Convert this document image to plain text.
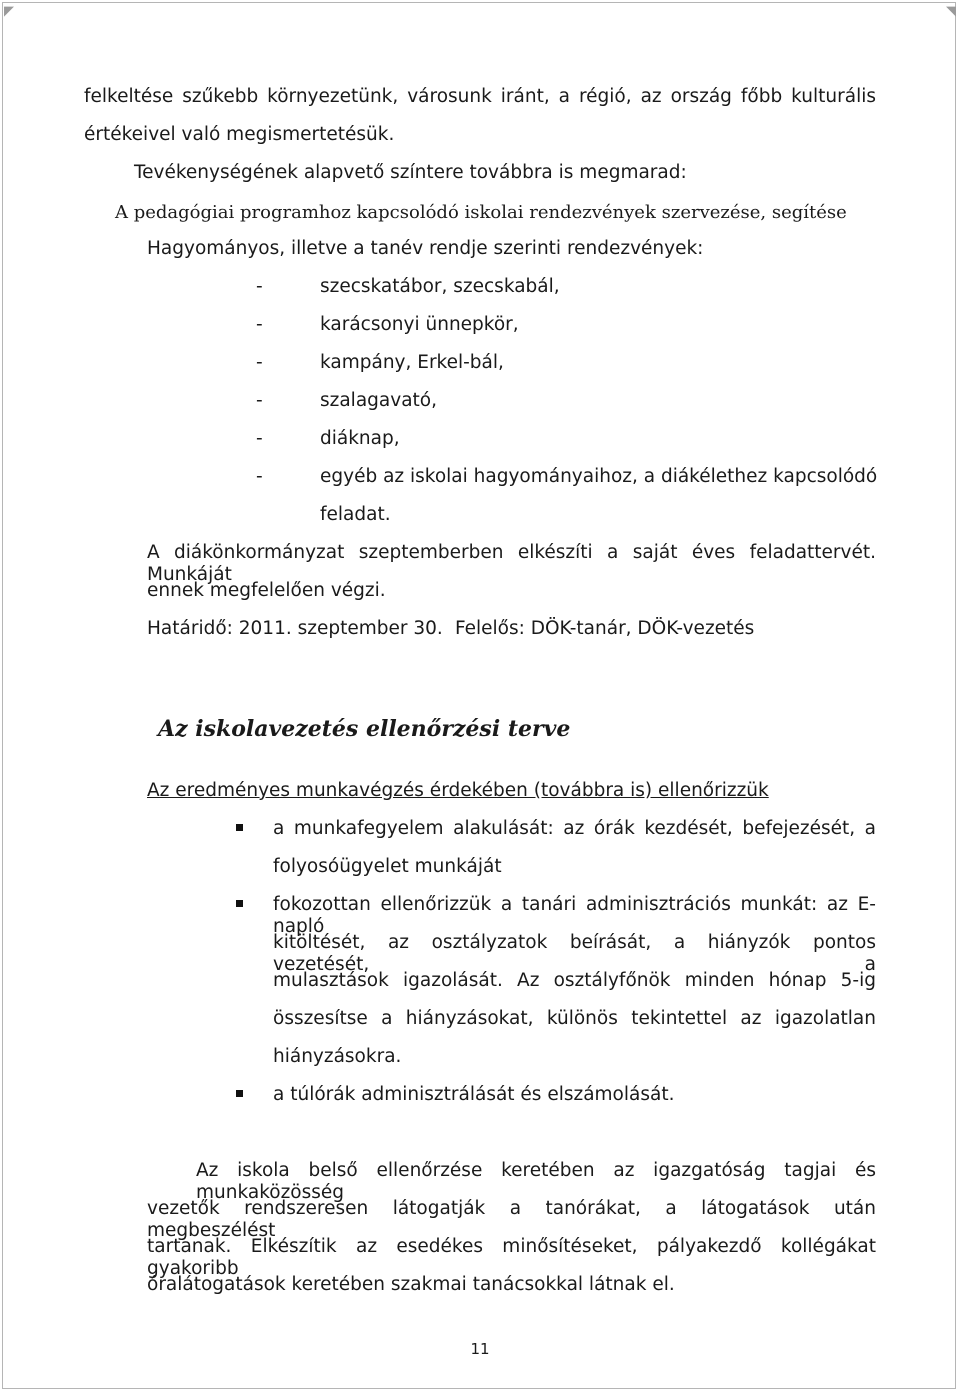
◤	◥
felkeltése szűkebb környezetünk, városunk iránt, a régió, az ország főbb kulturális
értékeivel való megismertetésük.
Tevékenységének alapvető színtere továbbra is megmarad:
A pedagógiai programhoz kapcsolódó iskolai rendezvények szervezése, segítése
Hagyományos, illetve a tanév rendje szerinti rendezvények:
-	szecskatábor, szecskabál,
-	karácsonyi ünnepkör,
-	kampány, Erkel-bál,
-	szalagavató,
-	diáknap,
-	egyéb az iskolai hagyományaihoz, a diákélethez kapcsolódó
feladat.
A diákönkormányzat szeptemberben elkészíti a saját éves feladattervét. Munkáját
ennek megfelelően végzi.
Határidő: 2011. szeptember 30. Felelős: DÖK-tanár, DÖK-vezetés
Az iskolavezetés ellenőrzési terve
Az eredményes munkavégzés érdekében (továbbra is) ellenőrizzük
a munkafegyelem alakulását: az órák kezdését, befejezését, a
folyosóügyelet munkáját
fokozottan ellenőrizzük a tanári adminisztrációs munkát: az E-napló
kitöltését, az osztályzatok beírását, a hiányzók pontos vezetését, a
mulasztások igazolását. Az osztályfőnök minden hónap 5-ig
összesítse a hiányzásokat, különös tekintettel az igazolatlan
hiányzásokra.
a túlórák adminisztrálását és elszámolását.
Az iskola belső ellenőrzése keretében az igazgatóság tagjai és munkaközösség
vezetők rendszeresen látogatják a tanórákat, a látogatások után megbeszélést
tartanak. Elkészítik az esedékes minősítéseket, pályakezdő kollégákat gyakoribb
óralátogatások keretében szakmai tanácsokkal látnak el.
11
